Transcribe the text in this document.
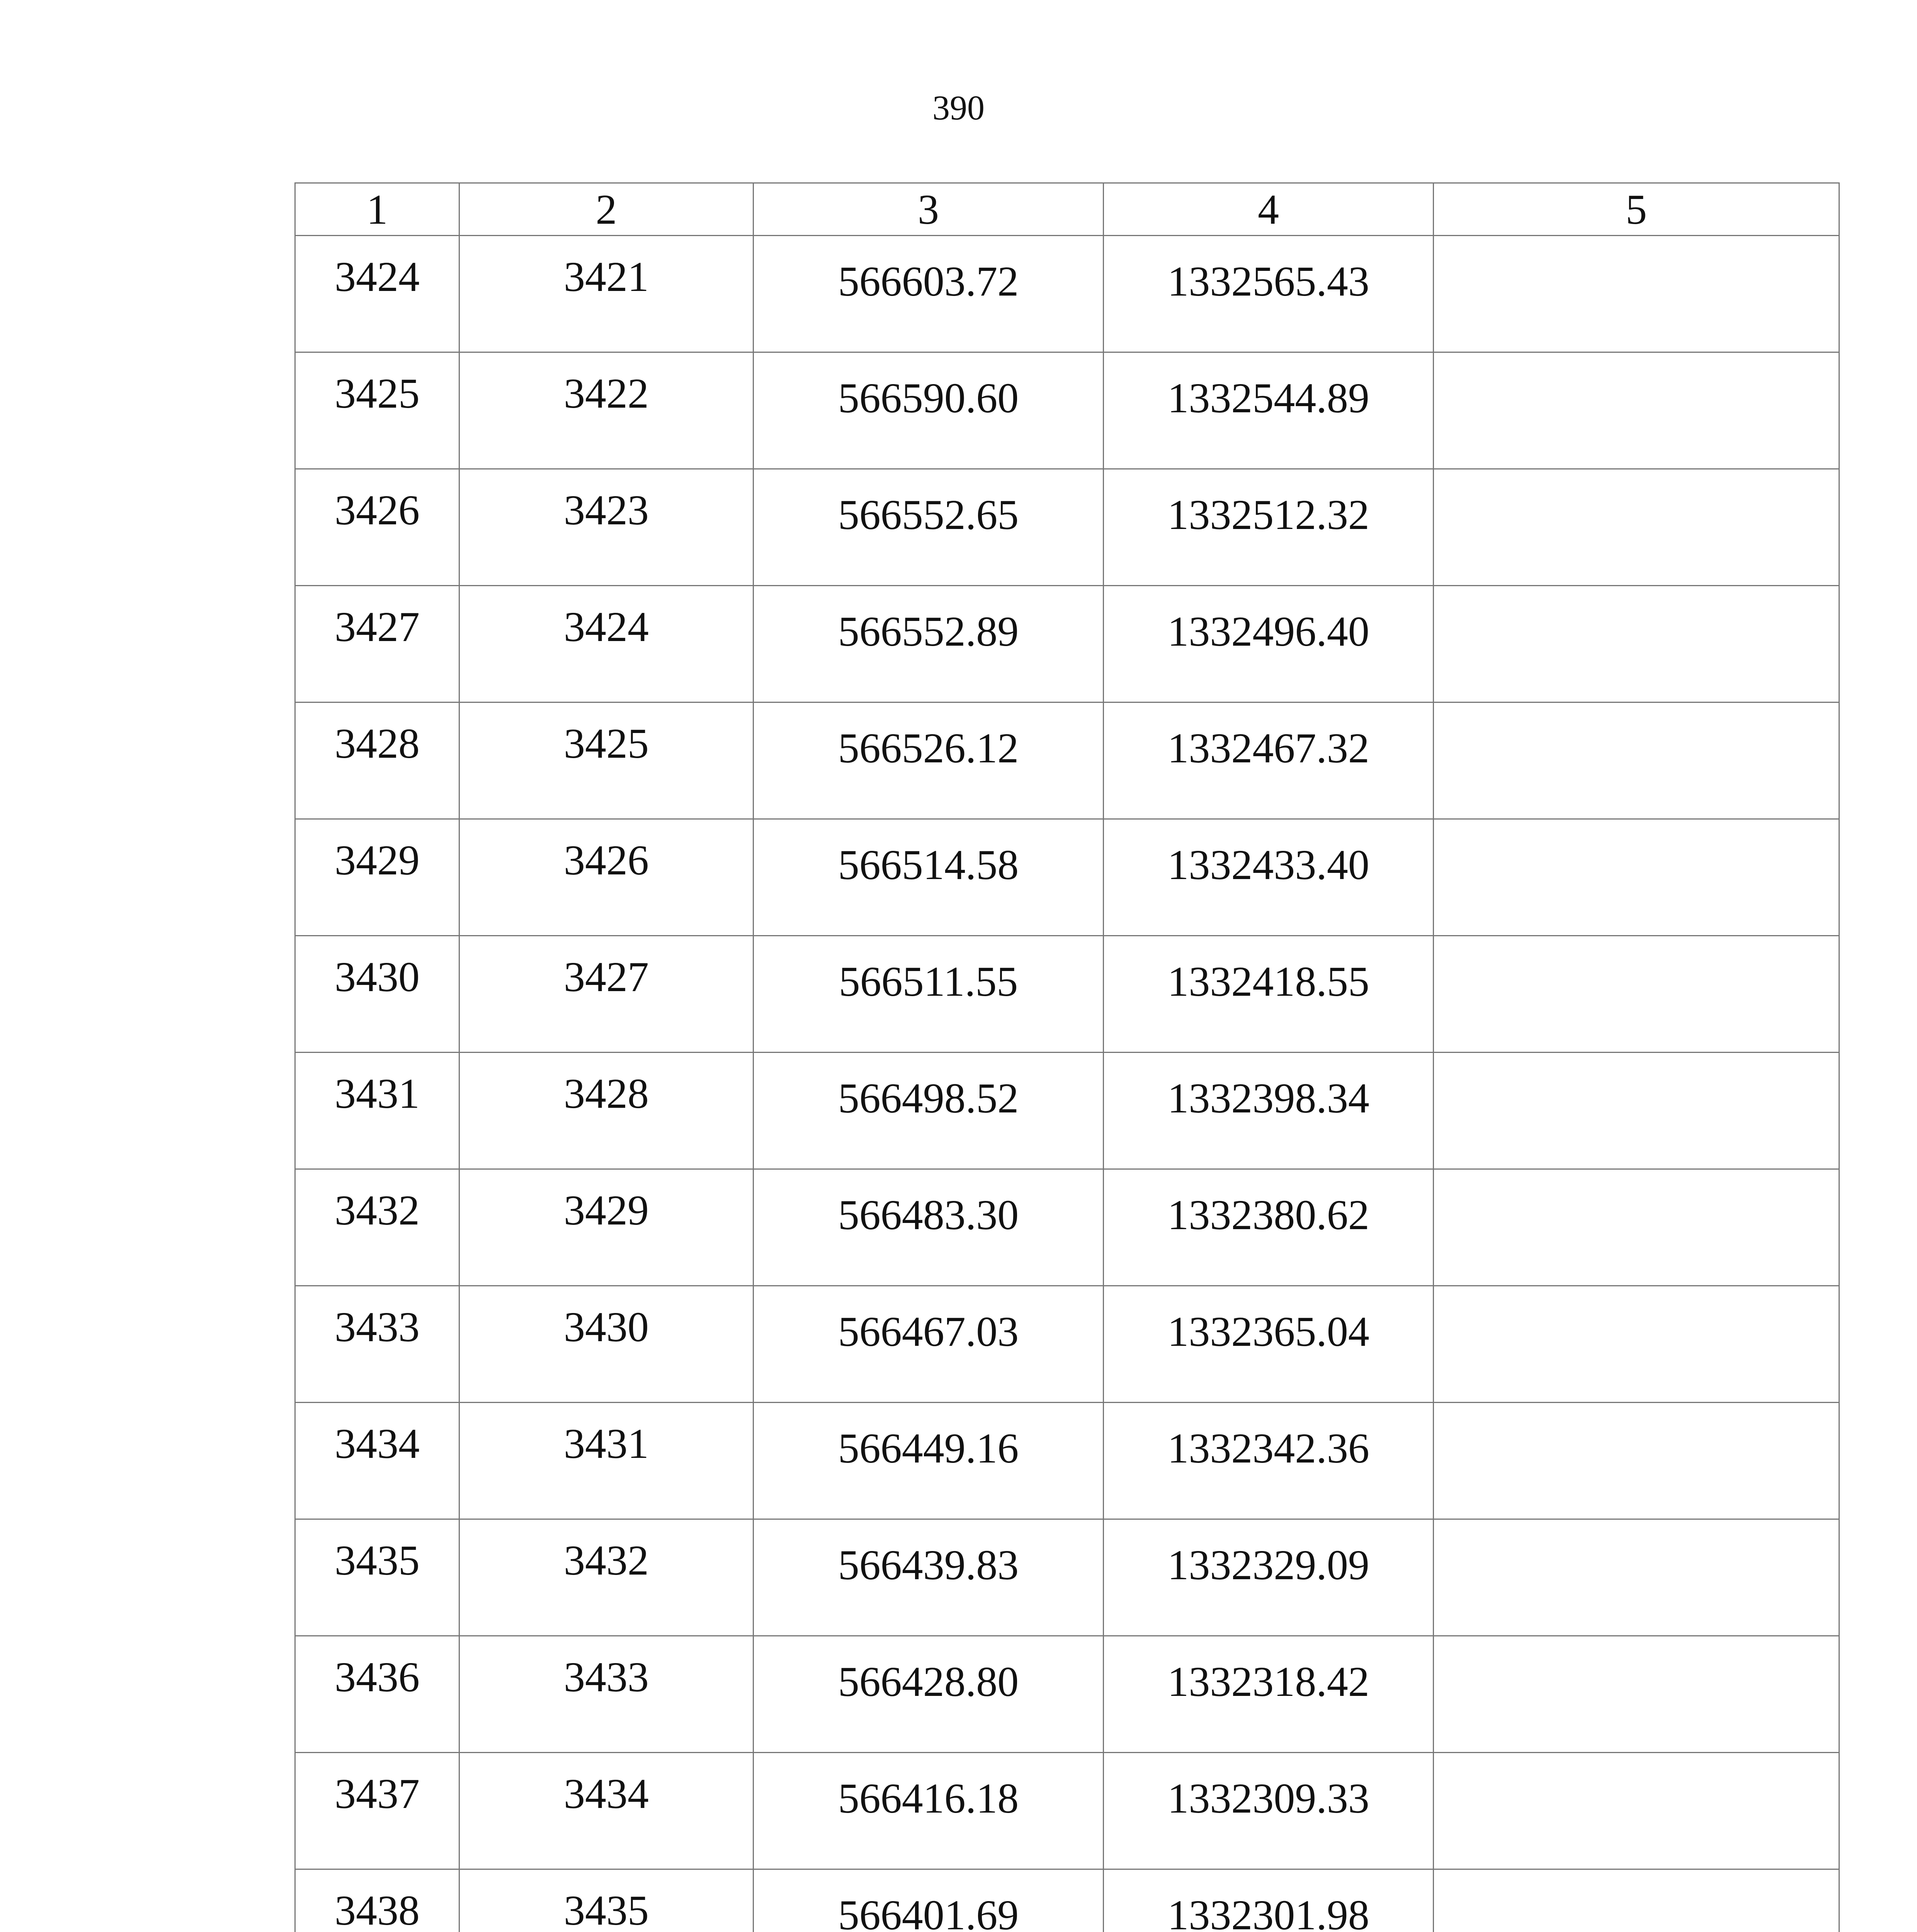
390
1	2	3	4	5
3424	3421	566603.72	1332565.43	
3425	3422	566590.60	1332544.89	
3426	3423	566552.65	1332512.32	
3427	3424	566552.89	1332496.40	
3428	3425	566526.12	1332467.32	
3429	3426	566514.58	1332433.40	
3430	3427	566511.55	1332418.55	
3431	3428	566498.52	1332398.34	
3432	3429	566483.30	1332380.62	
3433	3430	566467.03	1332365.04	
3434	3431	566449.16	1332342.36	
3435	3432	566439.83	1332329.09	
3436	3433	566428.80	1332318.42	
3437	3434	566416.18	1332309.33	
3438	3435	566401.69	1332301.98	
